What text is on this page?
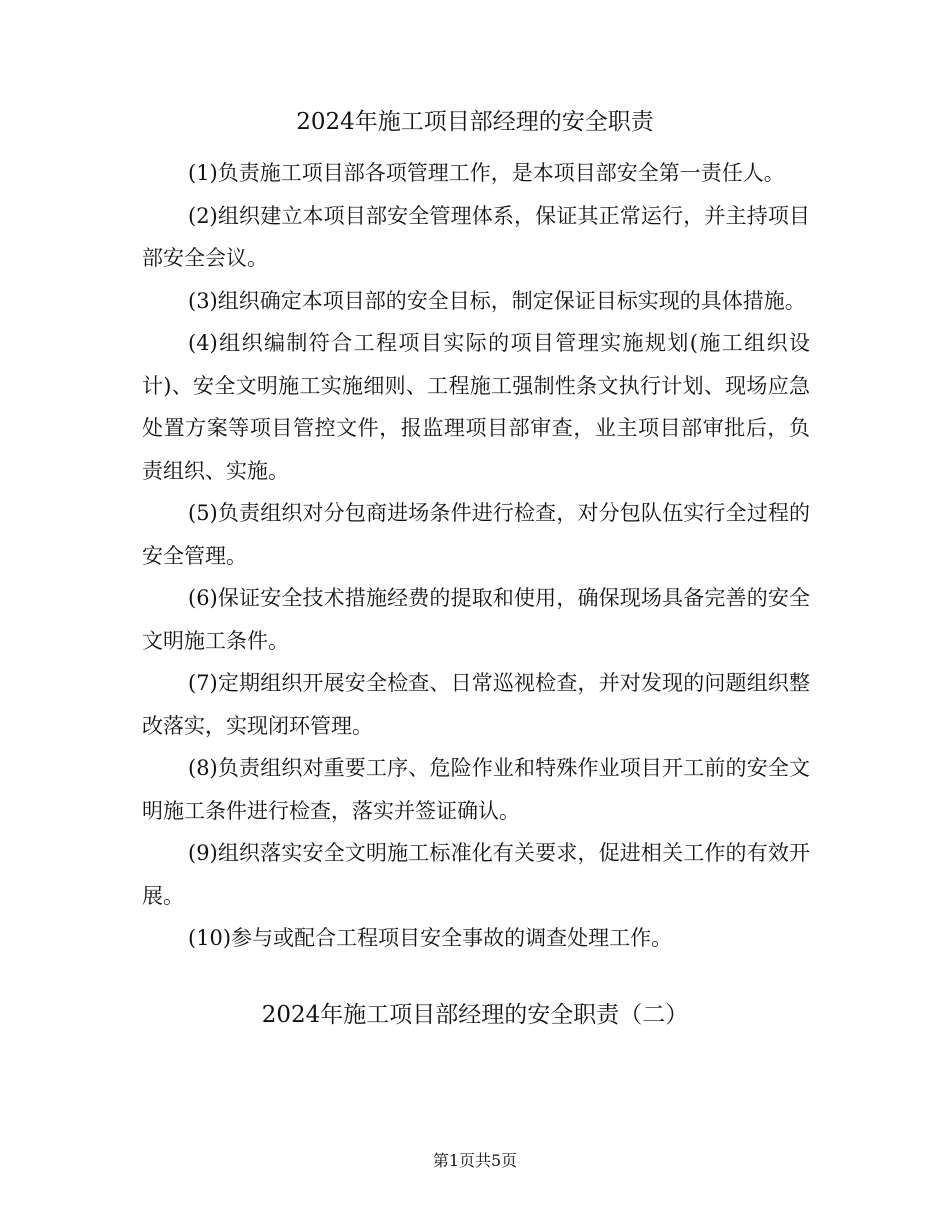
2024年施工项目部经理的安全职责

(1)负责施工项目部各项管理工作，是本项目部安全第一责任人。

(2)组织建立本项目部安全管理体系，保证其正常运行，并主持项目部安全会议。

(3)组织确定本项目部的安全目标，制定保证目标实现的具体措施。

(4)组织编制符合工程项目实际的项目管理实施规划(施工组织设计)、安全文明施工实施细则、工程施工强制性条文执行计划、现场应急处置方案等项目管控文件，报监理项目部审查，业主项目部审批后，负责组织、实施。

(5)负责组织对分包商进场条件进行检查，对分包队伍实行全过程的安全管理。

(6)保证安全技术措施经费的提取和使用，确保现场具备完善的安全文明施工条件。

(7)定期组织开展安全检查、日常巡视检查，并对发现的问题组织整改落实，实现闭环管理。

(8)负责组织对重要工序、危险作业和特殊作业项目开工前的安全文明施工条件进行检查，落实并签证确认。

(9)组织落实安全文明施工标准化有关要求，促进相关工作的有效开展。

(10)参与或配合工程项目安全事故的调查处理工作。

2024年施工项目部经理的安全职责（二）
第1页共5页
